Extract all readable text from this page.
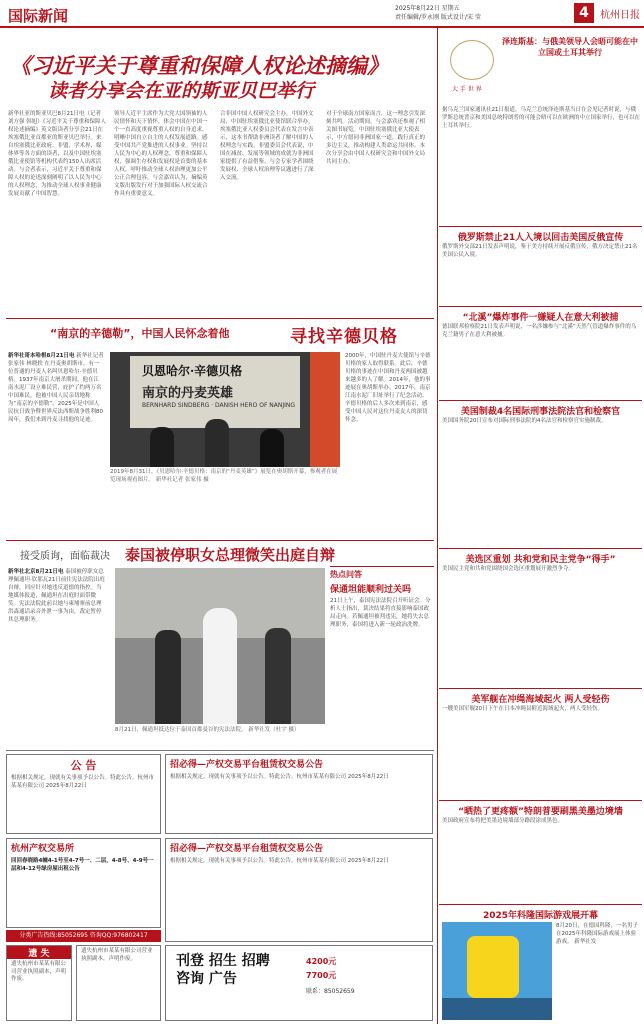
国际新闻	2025年8月22日 星期五
责任编辑/罗永刚 版式设计/宋 莹	4	杭州日报
《习近平关于尊重和保障人权论述摘编》
读者分享会在亚的斯亚贝巴举行
新华社亚的斯亚贝巴8月21日电（记者 刘方强 韩旭）《习近平关于尊重和保障人权论述摘编》英文版读者分享会21日在埃塞俄比亚首都亚的斯亚贝巴举行。来自埃塞俄比亚政府、非盟、学术界、媒体界等各方面的读者，以及中国驻埃塞俄比亚使馆等机构代表约150人出席活动。与会者表示，习近平关于尊重和保障人权的论述深刻阐明了以人民为中心的人权理念，为推动全球人权事业健康发展贡献了中国智慧。
领导人近平主席作为大党大国领袖的人民情怀和天下情怀，体会中国在中国一个一直高度重视尊重人权的自身追求。明晰中国自立自主的人权发展道路。感受中国共产党推进的人权事业。坚持以人民为中心的人权理念，尊重和保障人权，强调生存权和发展权是首要的基本人权，呼吁推动全球人权治理更加公平公正合理包容。与会嘉宾认为，摘编英文版出版发行对于加强国际人权交流合作具有重要意义。
合非国中国人权研究会主办，中国外文局、中国驻埃塞俄比亚使馆联合举办。埃塞俄比亚人权委员会代表在发言中表示，这本书帮助非洲读者了解中国的人权理念与实践。非盟委员会代表说，中国在减贫、发展等领域的成就为非洲国家提供了有益借鉴。与会专家学者围绕发展权、全球人权治理等议题进行了深入交流。
对于全球南方国家而言，这一理念引发深刻共鸣。活动期间，与会嘉宾还参观了相关图书展览。中国驻埃塞俄比亚大使表示，中方愿同非洲国家一道，践行真正的多边主义，推动构建人类命运共同体。本次分享会由中国人权研究会和中国外文局共同主办。
“南京的辛德勒”，中国人民怀念着他	寻找辛德贝格
新华社哥本哈根8月21日电 新华社记者 张家伟 林晓轶 在丹麦奥胡斯市，有一位普通的丹麦人名叫贝恩哈尔·辛德贝格。1937年南京大屠杀期间，他在江南水泥厂设立难民营，庇护了约两万名中国难民。他被中国人民亲切地称为“南京的辛德勒”。2025年是中国人民抗日战争暨世界反法西斯战争胜利80周年，我们来到丹麦寻找他的足迹。
贝恩哈尔·辛德贝格
南京的丹麦英雄
BERNHARD SINDBERG · DANISH HERO OF NANJING
2019年8月31日，《贝恩哈尔·辛德贝格：南京的“丹麦英雄”》展览在奥胡斯开幕，参观者在展览现场观看图片。 新华社记者 张家伟 摄
2000年，中国驻丹麦大使馆与辛德贝格的家人取得联系。此后，辛德贝格的事迹在中国和丹麦两国被越来越多的人了解。2014年，他的事迹展在奥胡斯举办。2017年，南京江南水泥厂旧址举行了纪念活动。辛德贝格的后人多次来到南京，感受中国人民对这位丹麦友人的深切怀念。
接受质询，面临裁决 泰国被停职女总理微笑出庭自辩
新华社北京8月21日电 泰国被停职女总理佩通坦·钦那瓦21日前往宪法法院出庭自辩，回应针对她违反道德的指控。当地媒体报道，佩通坦在出庭时面带微笑。宪法法院此前以她与柬埔寨前总理洪森通话录音外泄一事为由，裁定暂停其总理职务。
8月21日，佩通坦抵达位于泰国首都曼谷的宪法法院。 新华社发（杜宇 摄）
热点问答
保通坦能顺利过关吗
21日上午，泰国宪法法院召开听证会。分析人士指出，裁决结果将直接影响泰国政局走向。若佩通坦被判违宪，她将失去总理职务，泰国将进入新一轮政治洗牌。
公 告
根据相关规定，现就有关事项予以公告。特此公告。杭州市某某有限公司 2025年8月22日
杭州产权交易所
回回春晓路4幢4-1号至4-7号一、二层，4-8号、4-9号一层和4-12号绿房屋出租公告
分类广告热线:85052695 咨询QQ:976802417
遗 失
遗失杭州市某某有限公司营业执照副本，声明作废。
遗失杭州市某某有限公司营业执照副本，声明作废。
招必得—产权交易平台租赁权交易公告
根据相关规定，现就有关事项予以公告。特此公告。杭州市某某有限公司 2025年8月22日
招必得—产权交易平台租赁权交易公告
根据相关规定，现就有关事项予以公告。特此公告。杭州市某某有限公司 2025年8月22日
刊登 招生 招聘 咨询 广告
4200元
7700元
联系：85052659
大 手 世 界
泽连斯基：与俄美领导人会晤可能在中立国或土耳其举行
据乌克兰国家通讯社21日报道，乌克兰总统泽连斯基当日在会见记者时说，与俄罗斯总统普京和美国总统特朗普的可能会晤可以在欧洲的中立国家举行，也可以在土耳其举行。
俄罗斯禁止21人入境以回击美国反俄宣传
俄罗斯外交部21日发表声明说，鉴于美方持续开展反俄宣传，俄方决定禁止21名美国公民入境。
“北溪”爆炸事件一嫌疑人在意大利被捕
德国联邦检察院21日发表声明说，一名涉嫌参与“北溪”天然气管道爆炸事件的乌克兰籍男子在意大利被捕。
美国制裁4名国际刑事法院法官和检察官
美国国务院20日宣布对国际刑事法院的4名法官和检察官实施制裁。
美选区重划 共和党和民主党争“得手”
美国民主党和共和党围绕国会选区重划展开激烈争夺。
美军舰在冲绳海域起火 两人受轻伤
一艘美国军舰20日下午在日本冲绳县附近海域起火，两人受轻伤。
“晒热了更疼额”特朗普要刷黑美墨边境墙
美国政府宣布将把美墨边境墙部分路段涂成黑色。
2025年科隆国际游戏展开幕
8月20日，在德国科隆，一名男子在2025年科隆国际游戏展上体验游戏。 新华社发
